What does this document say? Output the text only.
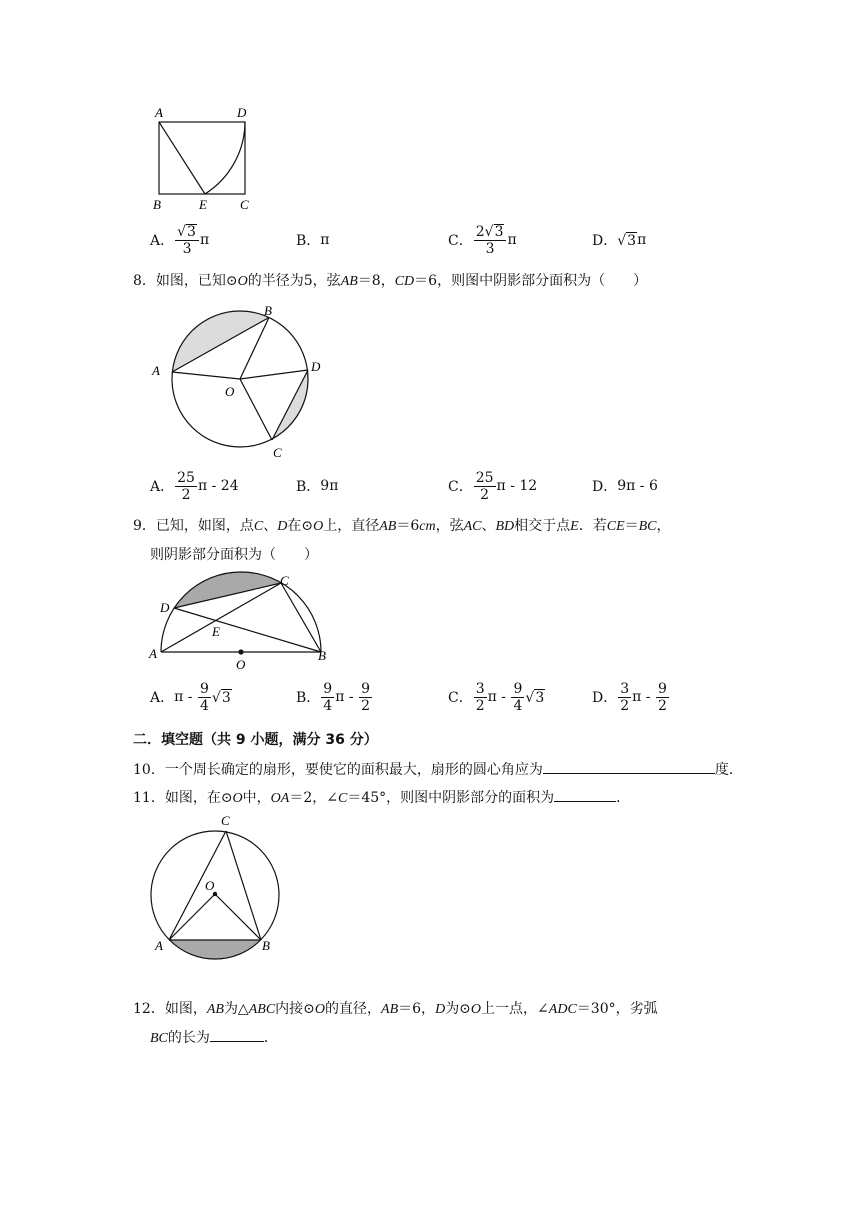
A	D
B	E	C
A． $\frac{√ 3}{3}$ π	B． π	C． $\frac{2 √ 3}{3}$ π	D． √ 3 π
8．如图，已知⊙O的半径为5，弦AB＝8，CD＝6，则图中阴影部分面积为（　　）
A
B
D
O
C
A． $\frac{25}{2}$ π - 24	B． 9π	C． $\frac{25}{2}$ π - 12	D． 9π - 6
9．已知，如图，点C、D在⊙O上，直径AB＝6cm，弦AC、BD相交于点E．若CE＝BC，
则阴影部分面积为（　　）
A
D
C
E
O
B
A． π - $\frac{9}{4}$ √ 3	B． $\frac{9}{4}$ π - $\frac{9}{2}$	C． $\frac{3}{2}$ π - $\frac{9}{4}$ √ 3	D． $\frac{3}{2}$ π - $\frac{9}{2}$
二．填空题（共 9 小题，满分 36 分）
10．一个周长确定的扇形，要使它的面积最大，扇形的圆心角应为	度．
11．如图，在⊙O中，OA＝2，∠C＝45°，则图中阴影部分的面积为	．
C
O
A	B
12．如图，AB为△ABC内接⊙O的直径，AB＝6，D为⊙O上一点，∠ADC＝30°，劣弧
BC的长为	．
